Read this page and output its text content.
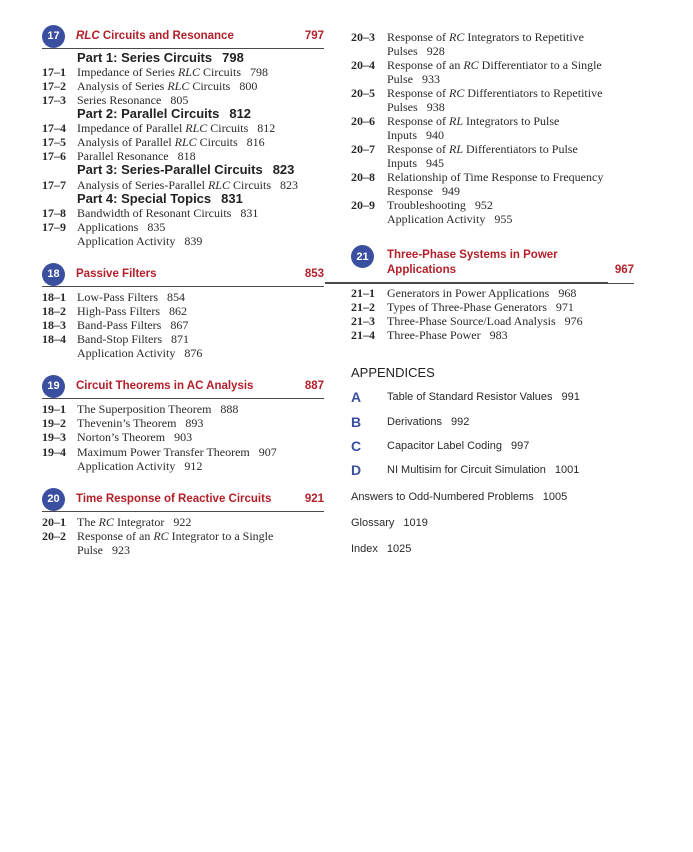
17	RLC Circuits and Resonance	797
Part 1: Series Circuits 798
17–1 Impedance of Series RLC Circuits 798
17–2 Analysis of Series RLC Circuits 800
17–3 Series Resonance 805
Part 2: Parallel Circuits 812
17–4 Impedance of Parallel RLC Circuits 812
17–5 Analysis of Parallel RLC Circuits 816
17–6 Parallel Resonance 818
Part 3: Series-Parallel Circuits 823
17–7 Analysis of Series-Parallel RLC Circuits 823
Part 4: Special Topics 831
17–8 Bandwidth of Resonant Circuits 831
17–9 Applications 835
Application Activity 839
18	Passive Filters	853
18–1 Low-Pass Filters 854
18–2 High-Pass Filters 862
18–3 Band-Pass Filters 867
18–4 Band-Stop Filters 871
Application Activity 876
19	Circuit Theorems in AC Analysis	887
19–1 The Superposition Theorem 888
19–2 Thevenin’s Theorem 893
19–3 Norton’s Theorem 903
19–4 Maximum Power Transfer Theorem 907
Application Activity 912
20	Time Response of Reactive Circuits	921
20–1 The RC Integrator 922
20–2 Response of an RC Integrator to a Single
Pulse 923
20–3	Response of RC Integrators to Repetitive
Pulses 928
20–4	Response of an RC Differentiator to a Single
Pulse 933
20–5	Response of RC Differentiators to Repetitive
Pulses 938
20–6	Response of RL Integrators to Pulse
Inputs 940
20–7	Response of RL Differentiators to Pulse
Inputs 945
20–8	Relationship of Time Response to Frequency
Response 949
20–9	Troubleshooting 952
Application Activity 955
21	Three-Phase Systems in Power
Applications	967
21–1	Generators in Power Applications 968
21–2	Types of Three-Phase Generators 971
21–3	Three-Phase Source/Load Analysis 976
21–4	Three-Phase Power 983
APPENDICES
A Table of Standard Resistor Values 991
B Derivations 992
C Capacitor Label Coding 997
D NI Multisim for Circuit Simulation 1001
Answers to Odd-Numbered Problems 1005
Glossary 1019
Index 1025
